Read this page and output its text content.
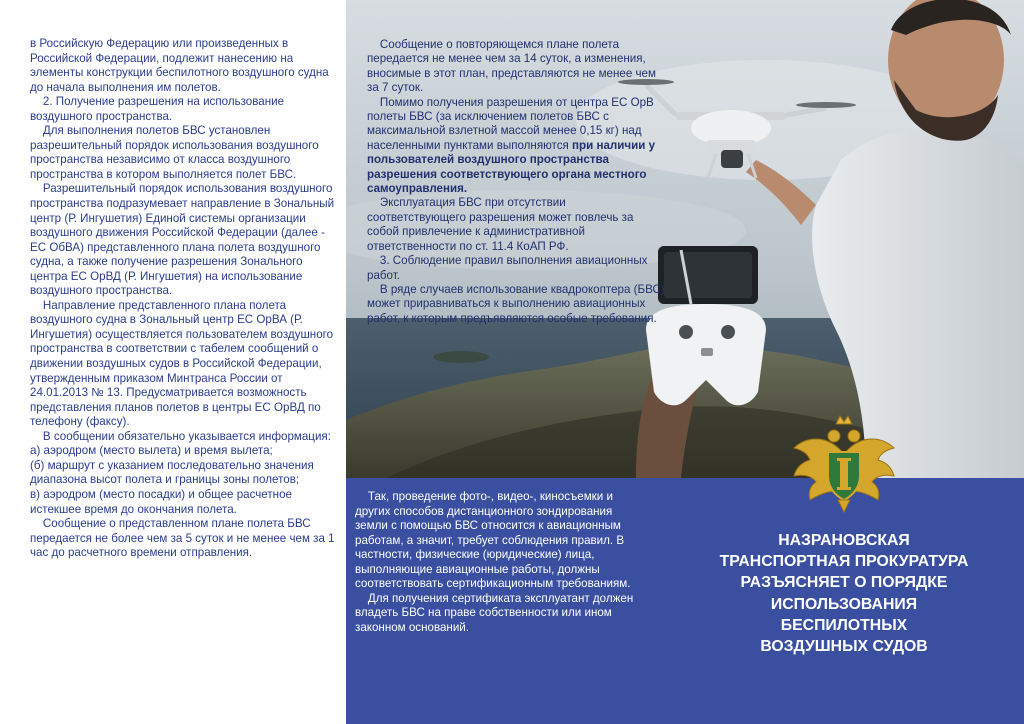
в Российскую Федерацию или произведенных в Российской Федерации, подлежит нанесению на элементы конструкции беспилотного воздушного судна до начала выполнения им полетов.

2. Получение разрешения на использование воздушного пространства.

Для выполнения полетов БВС установлен разрешительный порядок использования воздушного пространства независимо от класса воздушного пространства в котором выполняется полет БВС.

Разрешительный порядок использования воздушного пространства подразумевает направление в Зональный центр (Р. Ингушетия) Единой системы организации воздушного движения Российской Федерации (далее - ЕС ОбВА) представленного плана полета воздушного судна, а также получение разрешения Зонального центра ЕС ОрВД (Р. Ингушетия) на использование воздушного пространства.

Направление представленного плана полета воздушного судна в Зональный центр ЕС ОрВА (Р. Ингушетия) осуществляется пользователем воздушного пространства в соответствии с табелем сообщений о движении воздушных судов в Российской Федерации, утвержденным приказом Минтранса России от 24.01.2013 № 13. Предусматривается возможность представления планов полетов в центры ЕС ОрВД по телефону (факсу).

В сообщении обязательно указывается информация:

а) аэродром (место вылета) и время вылета;

(б) маршрут с указанием последовательно значения диапазона высот полета и границы зоны полетов;

в) аэродром (место посадки) и общее расчетное истекшее время до окончания полета.

Сообщение о представленном плане полета БВС передается не более чем за 5 суток и не менее чем за 1 час до расчетного времени отправления.

Сообщение о повторяющемся плане полета передается не менее чем за 14 суток, а изменения, вносимые в этот план, представляются не менее чем за 7 суток.

Помимо получения разрешения от центра ЕС ОрВ полеты БВС (за исключением полетов БВС с максимальной взлетной массой менее 0,15 кг) над населенными пунктами выполняются при наличии у пользователей воздушного пространства разрешения соответствующего органа местного самоуправления.

Эксплуатация БВС при отсутствии соответствующего разрешения может повлечь за собой привлечение к административной ответственности по ст. 11.4 КоАП РФ.

3. Соблюдение правил выполнения авиационных работ.

В ряде случаев использование квадрокоптера (БВС) может приравниваться к выполнению авиационных работ, к которым предъявляются особые требования.

Так, проведение фото-, видео-, киносъемки и других способов дистанционного зондирования земли с помощью БВС относится к авиационным работам, а значит, требует соблюдения правил. В частности, физические (юридические) лица, выполняющие авиационные работы, должны соответствовать сертификационным требованиям.

Для получения сертификата эксплуатант должен владеть БВС на праве собственности или ином законном оснований.

НАЗРАНОВСКАЯ
ТРАНСПОРТНАЯ ПРОКУРАТУРА
РАЗЪЯСНЯЕТ О ПОРЯДКЕ
ИСПОЛЬЗОВАНИЯ
БЕСПИЛОТНЫХ
ВОЗДУШНЫХ СУДОВ
